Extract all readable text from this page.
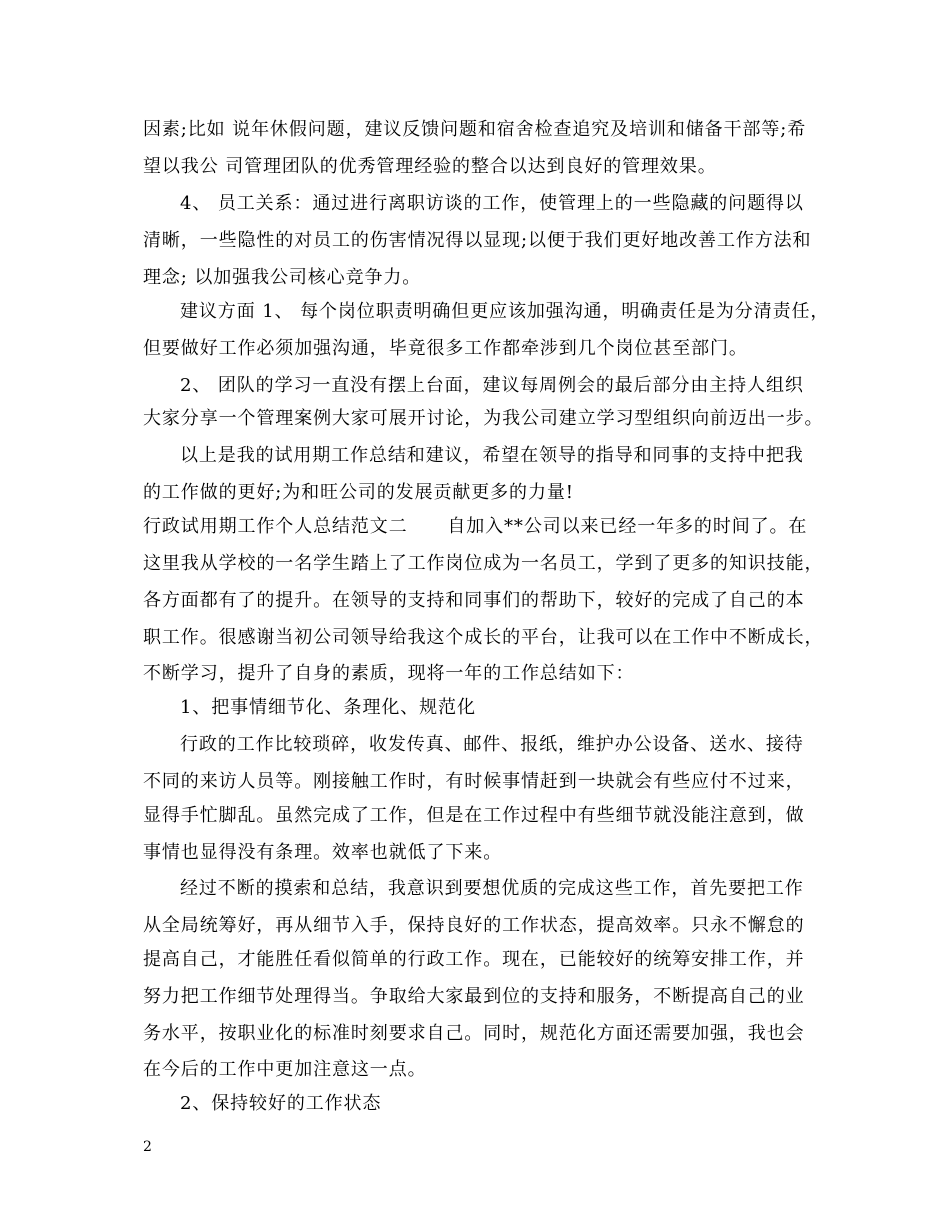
因素;比如 说年休假问题，建议反馈问题和宿舍检查追究及培训和储备干部等;希
望以我公 司管理团队的优秀管理经验的整合以达到良好的管理效果。
4、 员工关系：通过进行离职访谈的工作，使管理上的一些隐藏的问题得以
清晰，一些隐性的对员工的伤害情况得以显现;以便于我们更好地改善工作方法和
理念; 以加强我公司核心竞争力。
建议方面 1、 每个岗位职责明确但更应该加强沟通，明确责任是为分清责任，
但要做好工作必须加强沟通，毕竟很多工作都牵涉到几个岗位甚至部门。
2、 团队的学习一直没有摆上台面，建议每周例会的最后部分由主持人组织
大家分享一个管理案例大家可展开讨论，为我公司建立学习型组织向前迈出一步。
以上是我的试用期工作总结和建议，希望在领导的指导和同事的支持中把我
的工作做的更好;为和旺公司的发展贡献更多的力量!
行政试用期工作个人总结范文二      自加入**公司以来已经一年多的时间了。在
这里我从学校的一名学生踏上了工作岗位成为一名员工，学到了更多的知识技能，
各方面都有了的提升。在领导的支持和同事们的帮助下，较好的完成了自己的本
职工作。很感谢当初公司领导给我这个成长的平台，让我可以在工作中不断成长，
不断学习，提升了自身的素质，现将一年的工作总结如下：
1、把事情细节化、条理化、规范化
行政的工作比较琐碎，收发传真、邮件、报纸，维护办公设备、送水、接待
不同的来访人员等。刚接触工作时，有时候事情赶到一块就会有些应付不过来，
显得手忙脚乱。虽然完成了工作，但是在工作过程中有些细节就没能注意到，做
事情也显得没有条理。效率也就低了下来。
经过不断的摸索和总结，我意识到要想优质的完成这些工作，首先要把工作
从全局统筹好，再从细节入手，保持良好的工作状态，提高效率。只永不懈怠的
提高自己，才能胜任看似简单的行政工作。现在，已能较好的统筹安排工作，并
努力把工作细节处理得当。争取给大家最到位的支持和服务，不断提高自己的业
务水平，按职业化的标准时刻要求自己。同时，规范化方面还需要加强，我也会
在今后的工作中更加注意这一点。
2、保持较好的工作状态
2
